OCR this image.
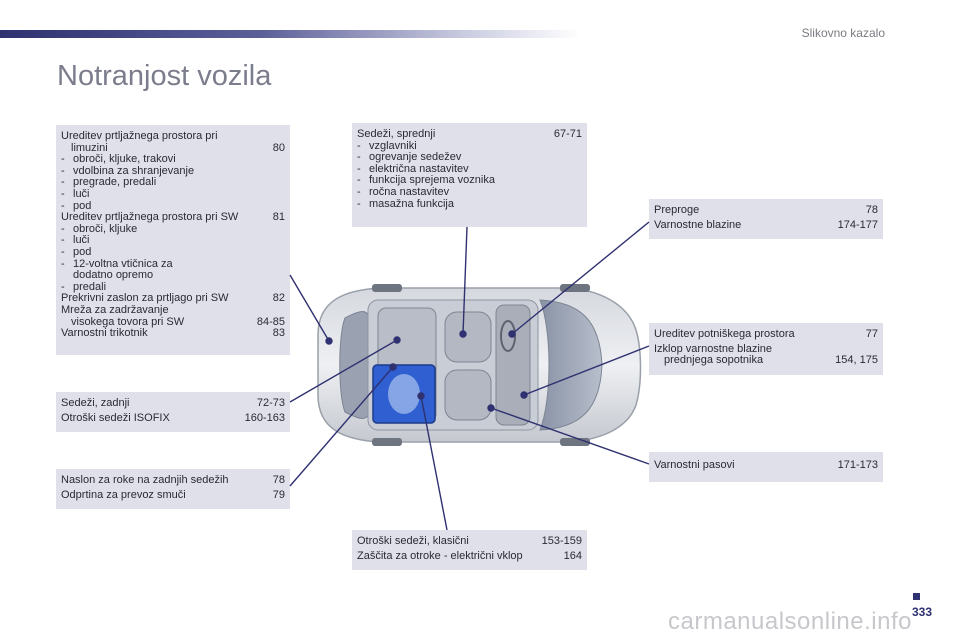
Slikovno kazalo
Notranjost vozila
Ureditev prtljažnega prostora pri
limuzini	80
- obroči, kljuke, trakovi
- vdolbina za shranjevanje
- pregrade, predali
- luči
- pod
Ureditev prtljažnega prostora pri SW	81
- obroči, kljuke
- luči
- pod
- 12-voltna vtičnica za
dodatno opremo
- predali
Prekrivni zaslon za prtljago pri SW	82
Mreža za zadržavanje
visokega tovora pri SW	84-85
Varnostni trikotnik	83
Sedeži, zadnji	72-73
Otroški sedeži ISOFIX	160-163
Naslon za roke na zadnjih sedežih	78
Odprtina za prevoz smuči	79
Sedeži, sprednji	67-71
- vzglavniki
- ogrevanje sedežev
- električna nastavitev
- funkcija sprejema voznika
- ročna nastavitev
- masažna funkcija
Otroški sedeži, klasični	153-159
Zaščita za otroke - električni vklop	164
Preproge	78
Varnostne blazine	174-177
Ureditev potniškega prostora	77
Izklop varnostne blazine
prednjega sopotnika	154, 175
Varnostni pasovi	171-173
carmanualsonline.info 333
